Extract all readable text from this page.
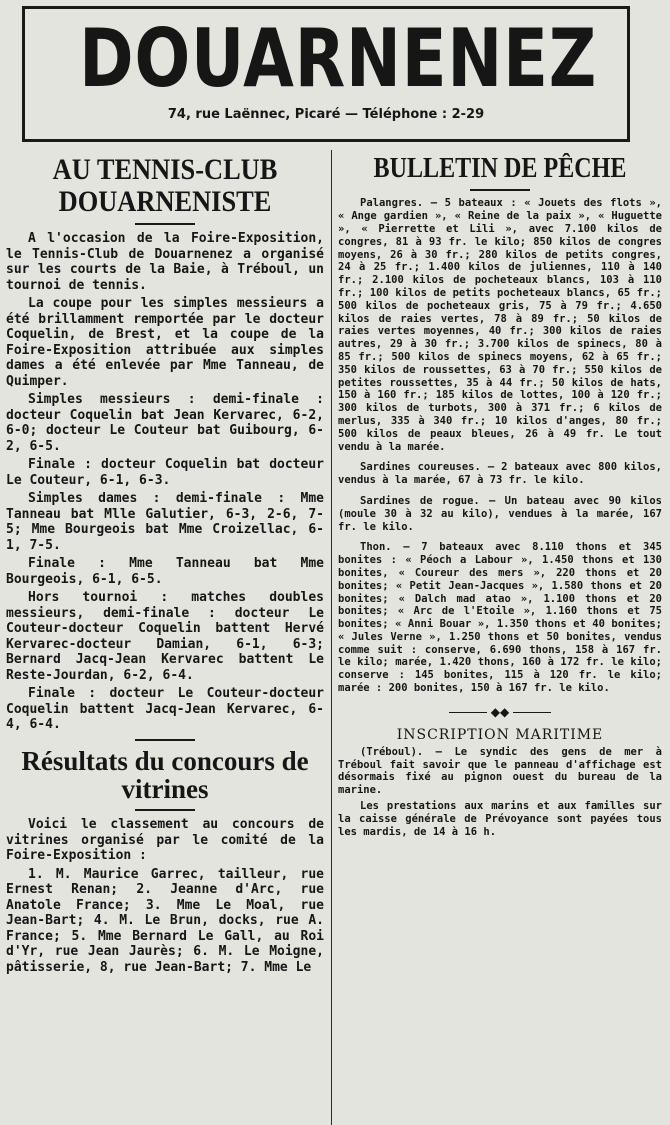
DOUARNENEZ
74, rue Laënnec, Picaré — Téléphone : 2-29
AU TENNIS-CLUB DOUARNENISTE

A l'occasion de la Foire-Exposition, le Tennis-Club de Douarnenez a organisé sur les courts de la Baie, à Tréboul, un tournoi de tennis.

La coupe pour les simples messieurs a été brillamment remportée par le docteur Coquelin, de Brest, et la coupe de la Foire-Exposition attribuée aux simples dames a été enlevée par Mme Tanneau, de Quimper.

Simples messieurs : demi-finale : docteur Coquelin bat Jean Kervarec, 6-2, 6-0; docteur Le Couteur bat Guibourg, 6-2, 6-5.

Finale : docteur Coquelin bat docteur Le Couteur, 6-1, 6-3.

Simples dames : demi-finale : Mme Tanneau bat Mlle Galutier, 6-3, 2-6, 7-5; Mme Bourgeois bat Mme Croizellac, 6-1, 7-5.

Finale : Mme Tanneau bat Mme Bourgeois, 6-1, 6-5.

Hors tournoi : matches doubles messieurs, demi-finale : docteur Le Couteur-docteur Coquelin battent Hervé Kervarec-docteur Damian, 6-1, 6-3; Bernard Jacq-Jean Kervarec battent Le Reste-Jourdan, 6-2, 6-4.

Finale : docteur Le Couteur-docteur Coquelin battent Jacq-Jean Kervarec, 6-4, 6-4.

Résultats du concours de vitrines

Voici le classement au concours de vitrines organisé par le comité de la Foire-Exposition :

1. M. Maurice Garrec, tailleur, rue Ernest Renan; 2. Jeanne d'Arc, rue Anatole France; 3. Mme Le Moal, rue Jean-Bart; 4. M. Le Brun, docks, rue A. France; 5. Mme Bernard Le Gall, au Roi d'Yr, rue Jean Jaurès; 6. M. Le Moigne, pâtisserie, 8, rue Jean-Bart; 7. Mme Le

BULLETIN DE PÊCHE

Palangres. — 5 bateaux : « Jouets des flots », « Ange gardien », « Reine de la paix », « Huguette », « Pierrette et Lili », avec 7.100 kilos de congres, 81 à 93 fr. le kilo; 850 kilos de congres moyens, 26 à 30 fr.; 280 kilos de petits congres, 24 à 25 fr.; 1.400 kilos de juliennes, 110 à 140 fr.; 2.100 kilos de pocheteaux blancs, 103 à 110 fr.; 100 kilos de petits pocheteaux blancs, 65 fr.; 500 kilos de pocheteaux gris, 75 à 79 fr.; 4.650 kilos de raies vertes, 78 à 89 fr.; 50 kilos de raies vertes moyennes, 40 fr.; 300 kilos de raies autres, 29 à 30 fr.; 3.700 kilos de spinecs, 80 à 85 fr.; 500 kilos de spinecs moyens, 62 à 65 fr.; 350 kilos de roussettes, 63 à 70 fr.; 550 kilos de petites roussettes, 35 à 44 fr.; 50 kilos de hats, 150 à 160 fr.; 185 kilos de lottes, 100 à 120 fr.; 300 kilos de turbots, 300 à 371 fr.; 6 kilos de merlus, 335 à 340 fr.; 10 kilos d'anges, 80 fr.; 500 kilos de peaux bleues, 26 à 49 fr. Le tout vendu à la marée.

Sardines coureuses. — 2 bateaux avec 800 kilos, vendus à la marée, 67 à 73 fr. le kilo.

Sardines de rogue. — Un bateau avec 90 kilos (moule 30 à 32 au kilo), vendues à la marée, 167 fr. le kilo.

Thon. — 7 bateaux avec 8.110 thons et 345 bonites : « Péoch a Labour », 1.450 thons et 130 bonites, « Coureur des mers », 220 thons et 20 bonites; « Petit Jean-Jacques », 1.580 thons et 20 bonites; « Dalch mad atao », 1.100 thons et 20 bonites; « Arc de l'Etoile », 1.160 thons et 75 bonites; « Anni Bouar », 1.350 thons et 40 bonites; « Jules Verne », 1.250 thons et 50 bonites, vendus comme suit : conserve, 6.690 thons, 158 à 167 fr. le kilo; marée, 1.420 thons, 160 à 172 fr. le kilo; conserve : 145 bonites, 115 à 120 fr. le kilo; marée : 200 bonites, 150 à 167 fr. le kilo.

◆◆
INSCRIPTION MARITIME

(Tréboul). — Le syndic des gens de mer à Tréboul fait savoir que le panneau d'affichage est désormais fixé au pignon ouest du bureau de la marine.

Les prestations aux marins et aux familles sur la caisse générale de Prévoyance sont payées tous les mardis, de 14 à 16 h.
